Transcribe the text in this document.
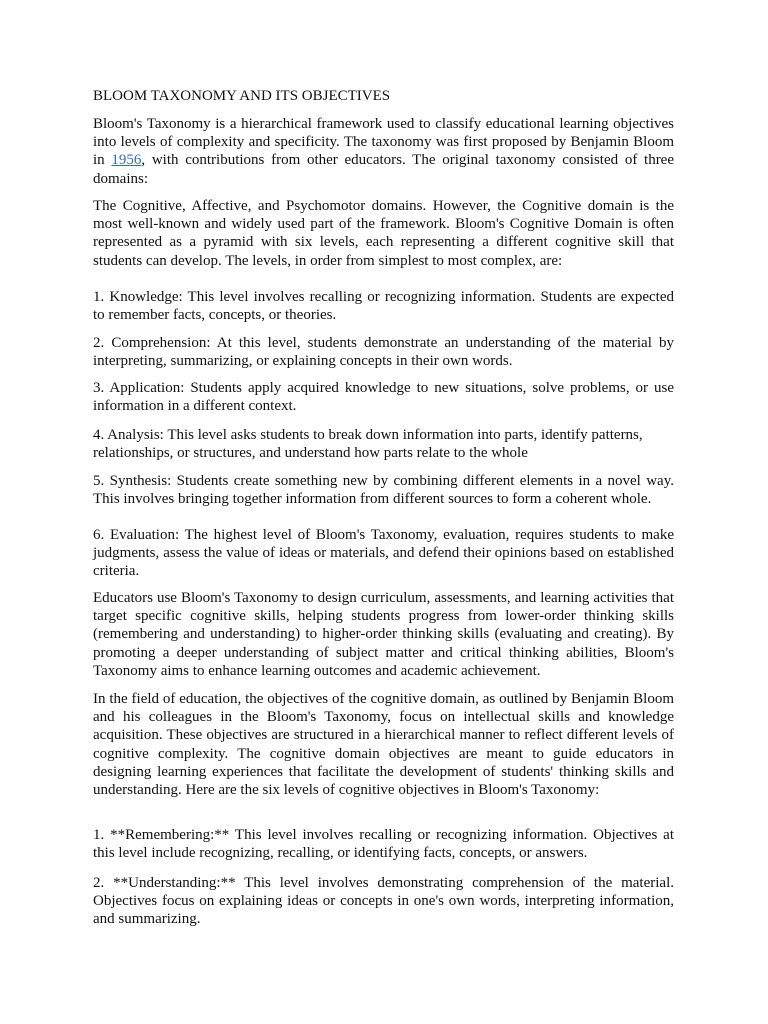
BLOOM TAXONOMY AND ITS OBJECTIVES

Bloom's Taxonomy is a hierarchical framework used to classify educational learning objectives into levels of complexity and specificity. The taxonomy was first proposed by Benjamin Bloom in 1956, with contributions from other educators. The original taxonomy consisted of three domains:

The Cognitive, Affective, and Psychomotor domains. However, the Cognitive domain is the most well-known and widely used part of the framework. Bloom's Cognitive Domain is often represented as a pyramid with six levels, each representing a different cognitive skill that students can develop. The levels, in order from simplest to most complex, are:

1. Knowledge: This level involves recalling or recognizing information. Students are expected to remember facts, concepts, or theories.

2. Comprehension: At this level, students demonstrate an understanding of the material by interpreting, summarizing, or explaining concepts in their own words.

3. Application: Students apply acquired knowledge to new situations, solve problems, or use information in a different context.

4. Analysis: This level asks students to break down information into parts, identify patterns, relationships, or structures, and understand how parts relate to the whole

5. Synthesis: Students create something new by combining different elements in a novel way. This involves bringing together information from different sources to form a coherent whole.

6. Evaluation: The highest level of Bloom's Taxonomy, evaluation, requires students to make judgments, assess the value of ideas or materials, and defend their opinions based on established criteria.

Educators use Bloom's Taxonomy to design curriculum, assessments, and learning activities that target specific cognitive skills, helping students progress from lower-order thinking skills (remembering and understanding) to higher-order thinking skills (evaluating and creating). By promoting a deeper understanding of subject matter and critical thinking abilities, Bloom's Taxonomy aims to enhance learning outcomes and academic achievement.

In the field of education, the objectives of the cognitive domain, as outlined by Benjamin Bloom and his colleagues in the Bloom's Taxonomy, focus on intellectual skills and knowledge acquisition. These objectives are structured in a hierarchical manner to reflect different levels of cognitive complexity. The cognitive domain objectives are meant to guide educators in designing learning experiences that facilitate the development of students' thinking skills and understanding. Here are the six levels of cognitive objectives in Bloom's Taxonomy:

1. **Remembering:** This level involves recalling or recognizing information. Objectives at this level include recognizing, recalling, or identifying facts, concepts, or answers.

2. **Understanding:** This level involves demonstrating comprehension of the material. Objectives focus on explaining ideas or concepts in one's own words, interpreting information, and summarizing.
